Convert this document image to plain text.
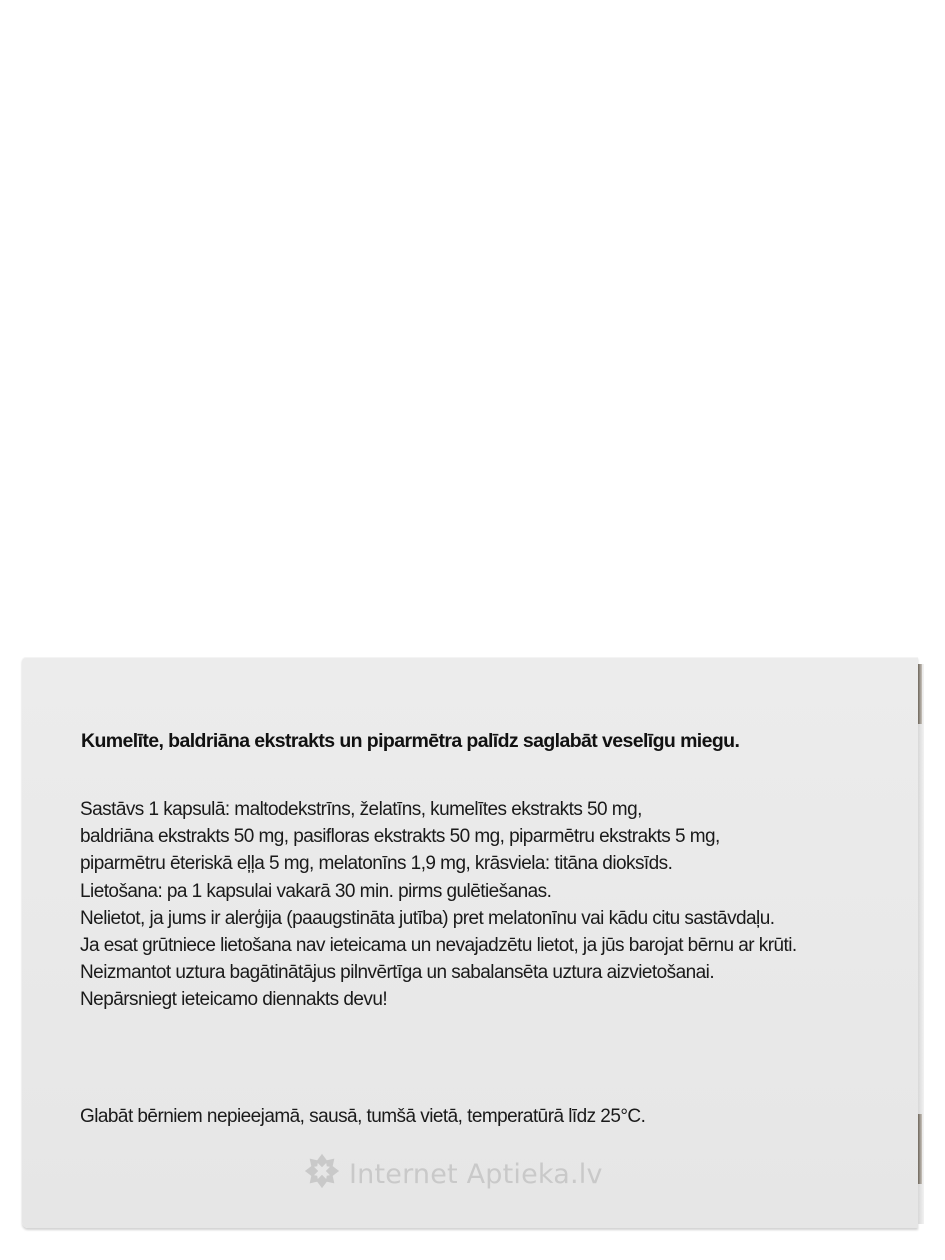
Kumelīte, baldriāna ekstrakts un piparmētra palīdz saglabāt veselīgu miegu.
Sastāvs 1 kapsulā: maltodekstrīns, želatīns, kumelītes ekstrakts 50 mg,
baldriāna ekstrakts 50 mg, pasifloras ekstrakts 50 mg, piparmētru ekstrakts 5 mg,
piparmētru ēteriskā eļļa 5 mg, melatonīns 1,9 mg, krāsviela: titāna dioksīds.
Lietošana: pa 1 kapsulai vakarā 30 min. pirms gulētiešanas.
Nelietot, ja jums ir alerģija (paaugstināta jutība) pret melatonīnu vai kādu citu sastāvdaļu.
Ja esat grūtniece lietošana nav ieteicama un nevajadzētu lietot, ja jūs barojat bērnu ar krūti.
Neizmantot uztura bagātinātājus pilnvērtīga un sabalansēta uztura aizvietošanai.
Nepārsniegt ieteicamo diennakts devu!
Glabāt bērniem nepieejamā, sausā, tumšā vietā, temperatūrā līdz 25°C.
Internet Aptieka.lv
